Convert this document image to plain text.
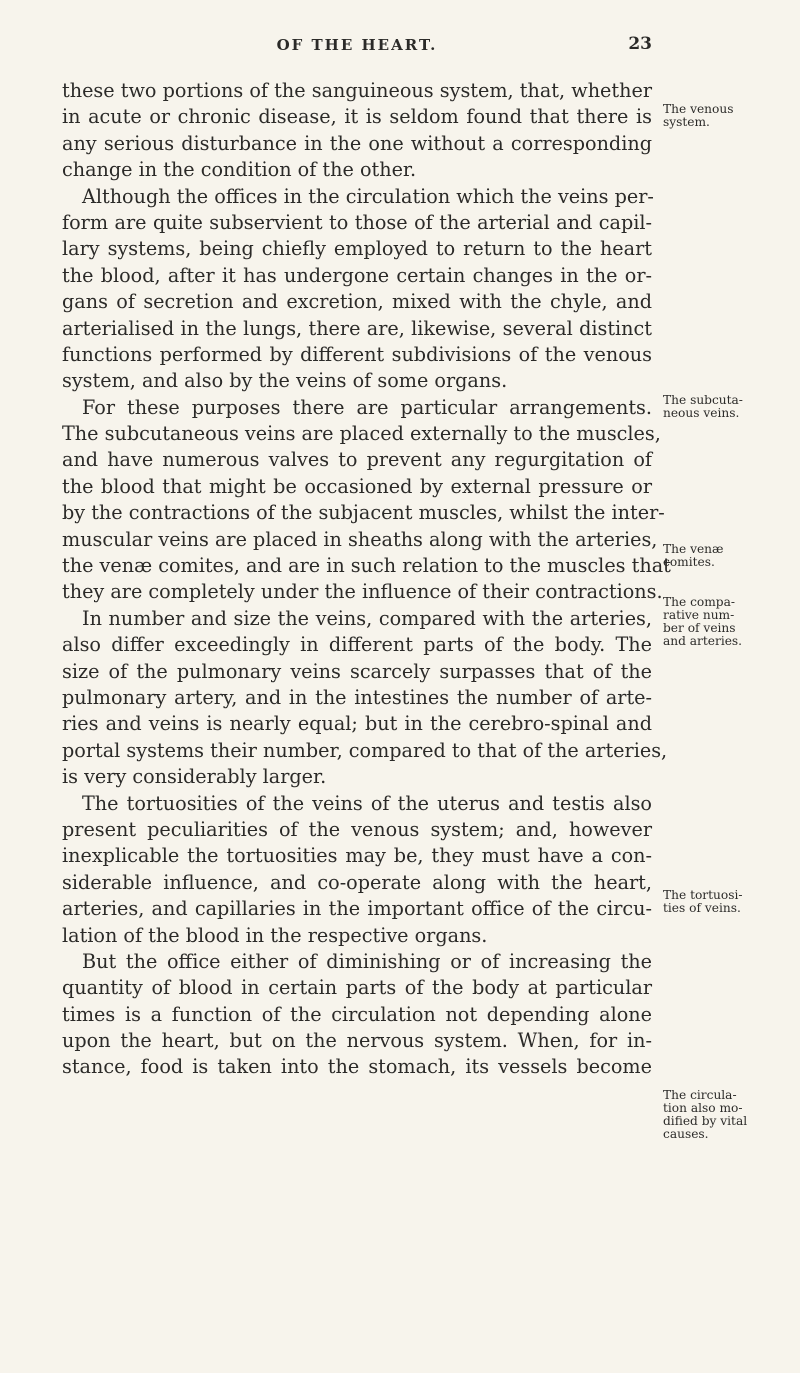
OF THE HEART.	23
these two portions of the sanguineous system, that, whether
in acute or chronic disease, it is seldom found that there is
any serious disturbance in the one without a corresponding
change in the condition of the other.
Although the offices in the circulation which the veins per-
form are quite subservient to those of the arterial and capil-
lary systems, being chiefly employed to return to the heart
the blood, after it has undergone certain changes in the or-
gans of secretion and excretion, mixed with the chyle, and
arterialised in the lungs, there are, likewise, several distinct
functions performed by different subdivisions of the venous
system, and also by the veins of some organs.
For these purposes there are particular arrangements.
The subcutaneous veins are placed externally to the muscles,
and have numerous valves to prevent any regurgitation of
the blood that might be occasioned by external pressure or
by the contractions of the subjacent muscles, whilst the inter-
muscular veins are placed in sheaths along with the arteries,
the venæ comites, and are in such relation to the muscles that
they are completely under the influence of their contractions.
In number and size the veins, compared with the arteries,
also differ exceedingly in different parts of the body. The
size of the pulmonary veins scarcely surpasses that of the
pulmonary artery, and in the intestines the number of arte-
ries and veins is nearly equal; but in the cerebro-spinal and
portal systems their number, compared to that of the arteries,
is very considerably larger.
The tortuosities of the veins of the uterus and testis also
present peculiarities of the venous system; and, however
inexplicable the tortuosities may be, they must have a con-
siderable influence, and co-operate along with the heart,
arteries, and capillaries in the important office of the circu-
lation of the blood in the respective organs.
But the office either of diminishing or of increasing the
quantity of blood in certain parts of the body at particular
times is a function of the circulation not depending alone
upon the heart, but on the nervous system. When, for in-
stance, food is taken into the stomach, its vessels become
The venous
system.
The subcuta-
neous veins.
The venæ
comites.
The compa-
rative num-
ber of veins
and arteries.
The tortuosi-
ties of veins.
The circula-
tion also mo-
dified by vital
causes.
